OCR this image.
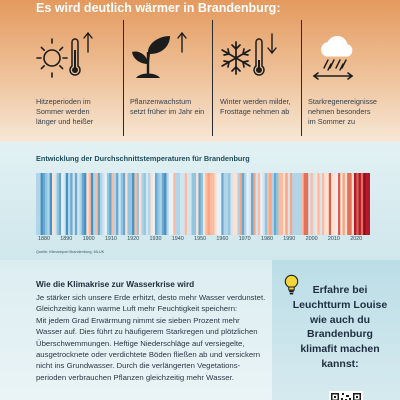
Es wird deutlich wärmer in Brandenburg:
Hitzeperioden im
Sommer werden
länger und heißer
Pflanzenwachstum
setzt früher im Jahr ein
Winter werden milder,
Frosttage nehmen ab
Starkregenereignisse
nehmen besonders
im Sommer zu
Entwicklung der Durchschnittstemperaturen für Brandenburg
1880 1890 1900 1910 1920 1930 1940 1950 1960 1970 1980 1990 2000 2010 2020
Quelle: Klimareport Brandenburg, MLUK
Wie die Klimakrise zur Wasserkrise wird

Je stärker sich unsere Erde erhitzt, desto mehr Wasser verdunstet.

Gleichzeitig kann warme Luft mehr Feuchtigkeit speichern:

Mit jedem Grad Erwärmung nimmt sie sieben Prozent mehr

Wasser auf. Dies führt zu häufigerem Starkregen und plötzlichen

Überschwemmungen. Heftige Niederschläge auf versiegelte,

ausgetrocknete oder verdichtete Böden fließen ab und versickern

nicht ins Grundwasser. Durch die verlängerten Vegetations-

perioden verbrauchen Pflanzen gleichzeitig mehr Wasser.

Erfahre bei
Leuchtturm Louise
wie auch du
Brandenburg
klimafit machen
kannst:
